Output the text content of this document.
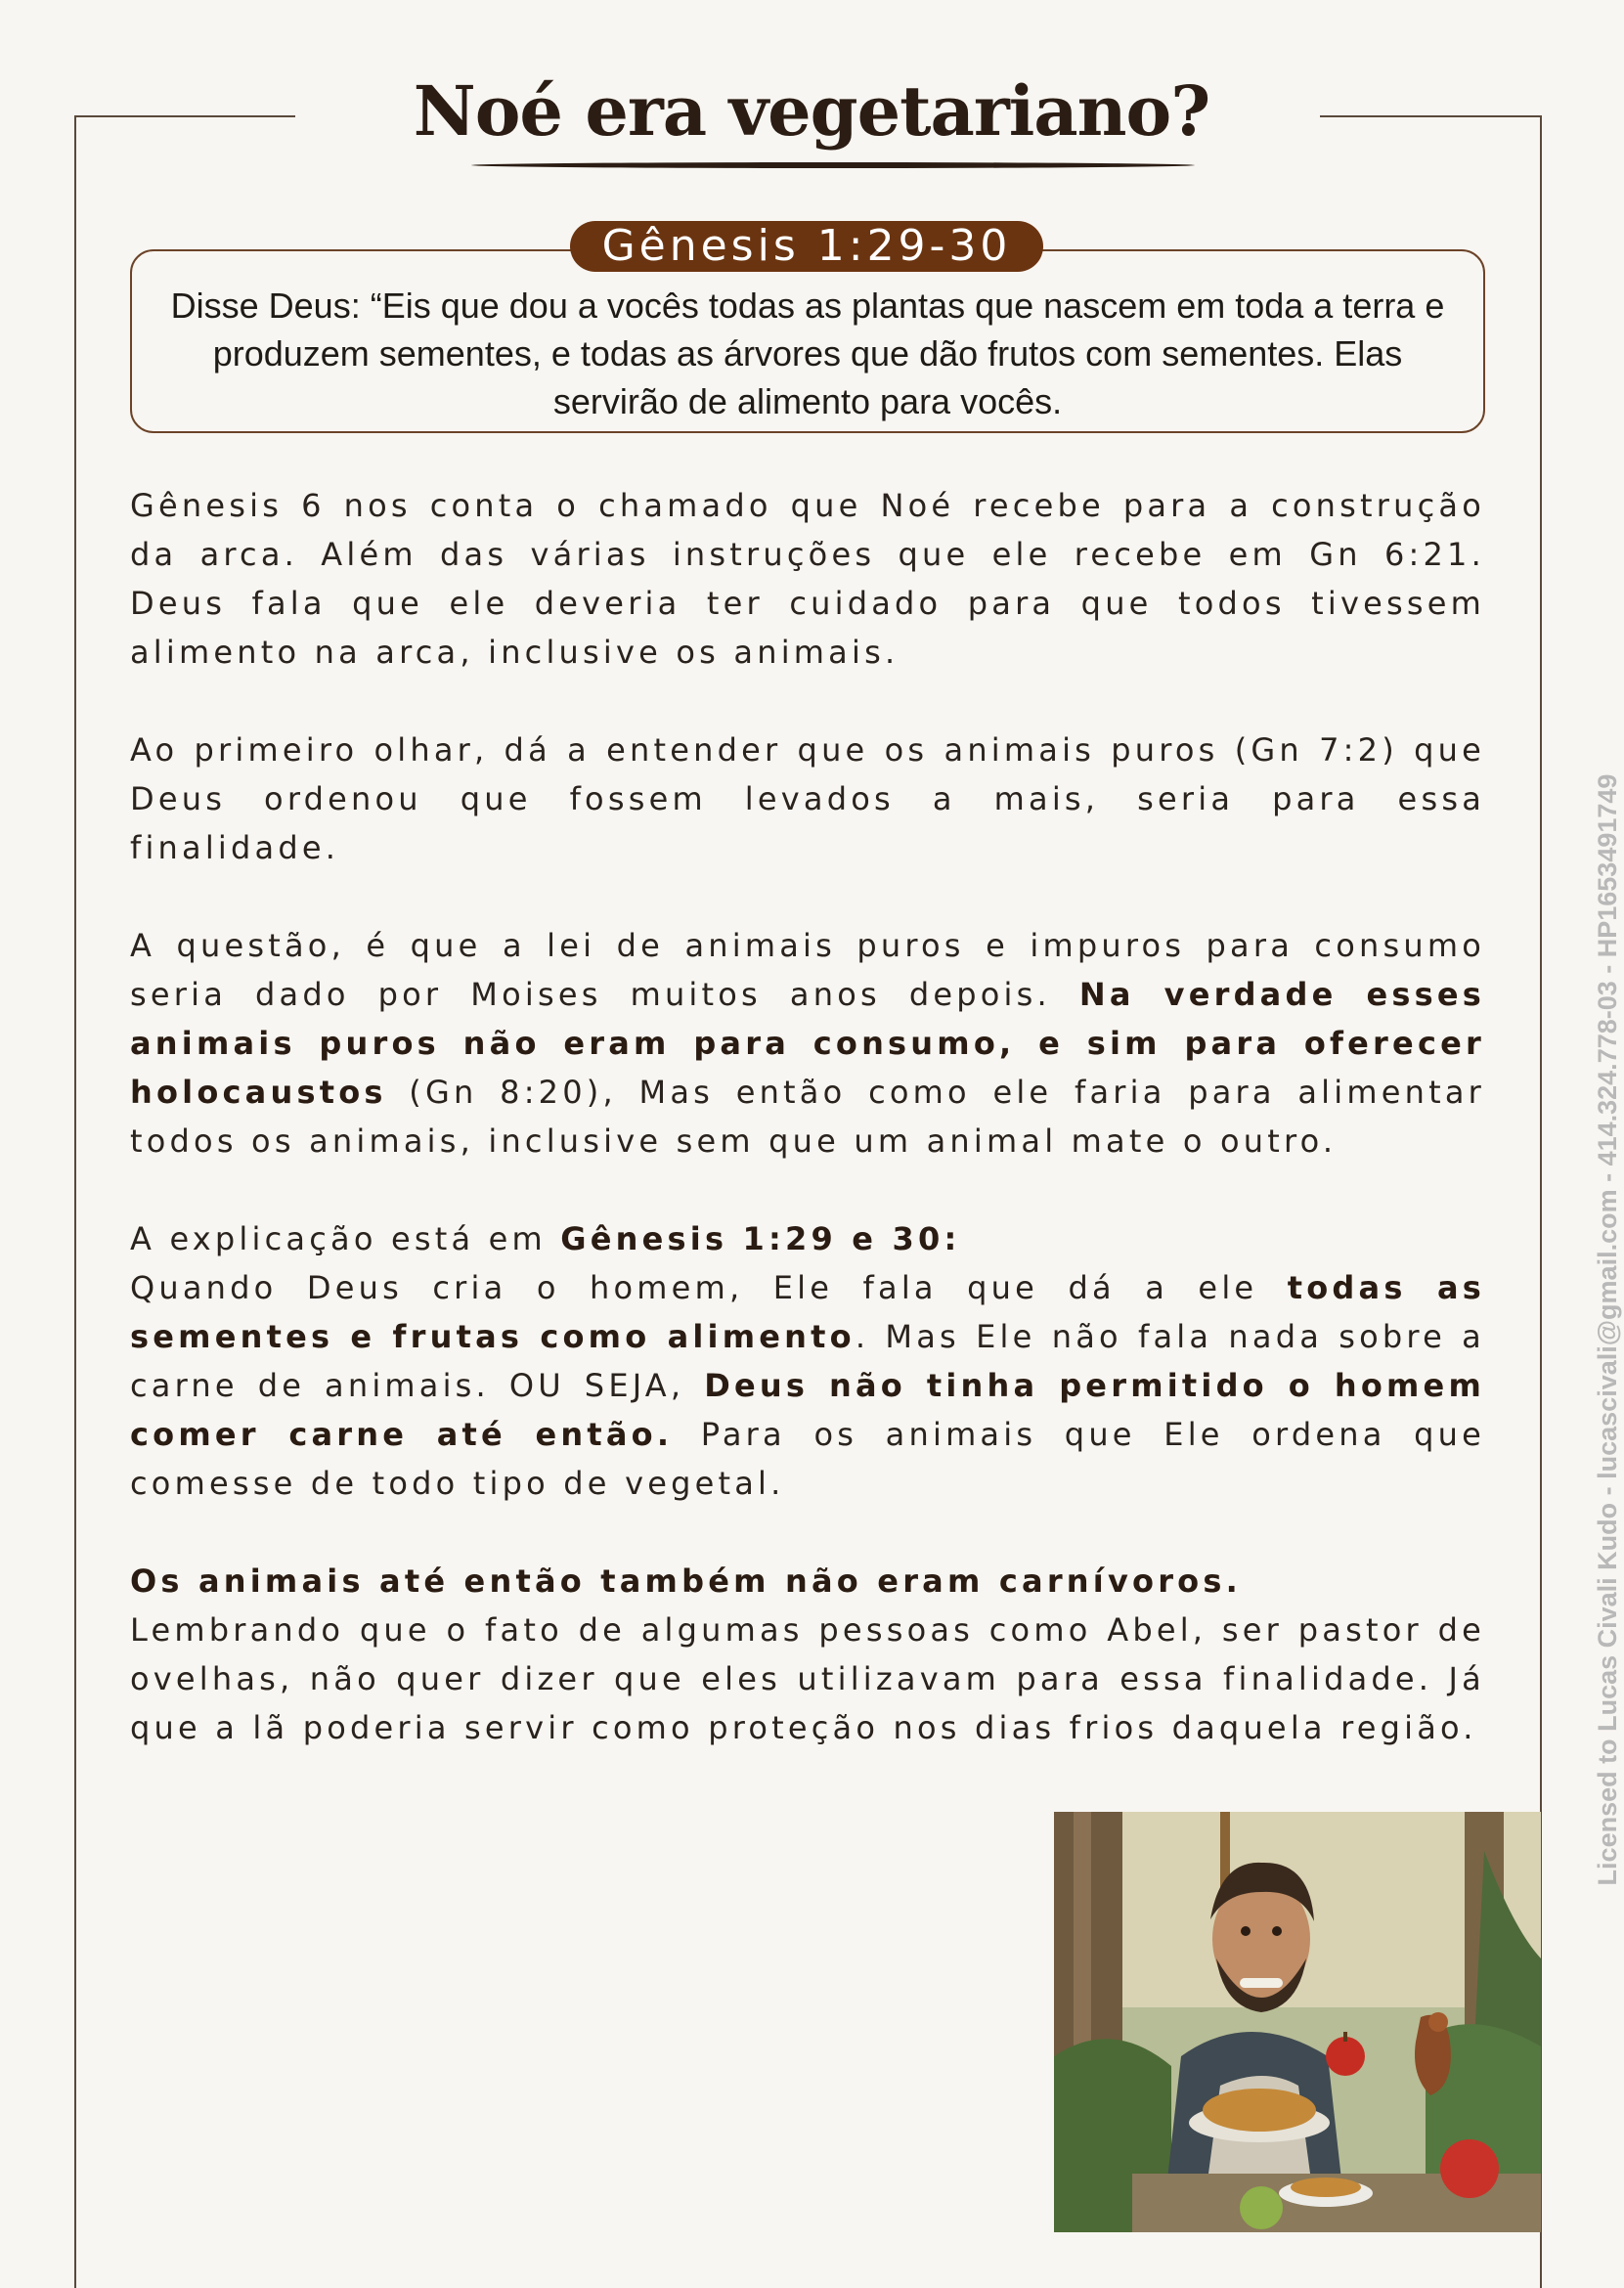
Noé era vegetariano?
Gênesis 1:29-30
Disse Deus: “Eis que dou a vocês todas as plantas que nascem em toda a terra e produzem sementes, e todas as árvores que dão frutos com sementes. Elas servirão de alimento para vocês.
Gênesis 6 nos conta o chamado que Noé recebe para a construção da arca. Além das várias instruções que ele recebe em Gn 6:21. Deus fala que ele deveria ter cuidado para que todos tivessem alimento na arca, inclusive os animais.
Ao primeiro olhar, dá a entender que os animais puros (Gn 7:2) que Deus ordenou que fossem levados a mais, seria para essa finalidade.
A questão, é que a lei de animais puros e impuros para consumo seria dado por Moises muitos anos depois. Na verdade esses animais puros não eram para consumo, e sim para oferecer holocaustos (Gn 8:20), Mas então como ele faria para alimentar todos os animais, inclusive sem que um animal mate o outro.
A explicação está em Gênesis 1:29 e 30:
Quando Deus cria o homem, Ele fala que dá a ele todas as sementes e frutas como alimento. Mas Ele não fala nada sobre a carne de animais. OU SEJA, Deus não tinha permitido o homem comer carne até então. Para os animais que Ele ordena que comesse de todo tipo de vegetal.
Os animais até então também não eram carnívoros.
Lembrando que o fato de algumas pessoas como Abel, ser pastor de ovelhas, não quer dizer que eles utilizavam para essa finalidade. Já que a lã poderia servir como proteção nos dias frios daquela região.	Licensed to Lucas Civali Kudo - lucascivali@gmail.com - 414.324.778-03 - HP1653491749
